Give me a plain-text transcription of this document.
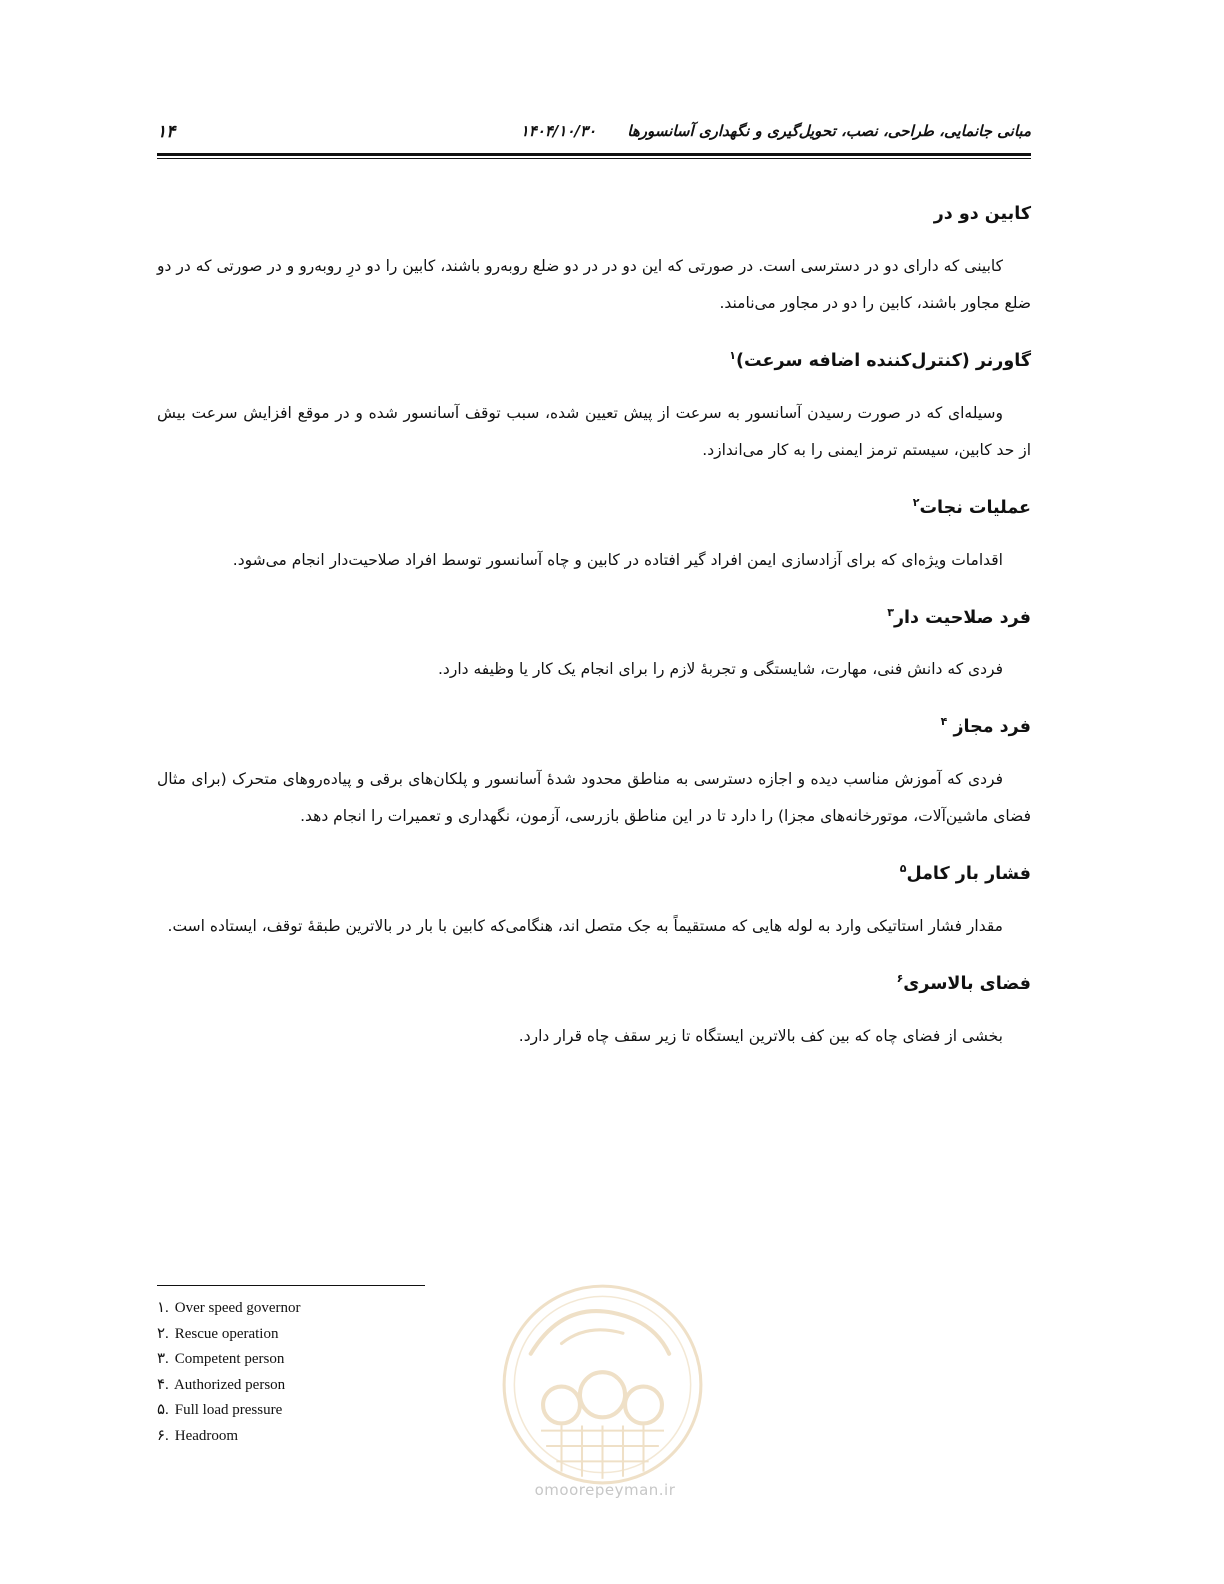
۱۴	مبانی جانمایی، طراحی، نصب، تحویل‌گیری و نگهداری آسانسورها ۱۴۰۴/۱۰/۳۰
کابین دو در

کابینی که دارای دو در دسترسی است. در صورتی که این دو در در دو ضلع روبه‌رو باشند، کابین را دو درِ روبه‌رو و در صورتی که در دو ضلع مجاور باشند، کابین را دو در مجاور می‌نامند.

گاورنر (کنترل‌کننده اضافه سرعت)$^۱$

وسیله‌ای که در صورت رسیدن آسانسور به سرعت از پیش تعیین شده، سبب توقف آسانسور شده و در موقع افزایش سرعت بیش از حد کابین، سیستم ترمز ایمنی را به کار می‌اندازد.

عملیات نجات$^۲$

اقدامات ویژه‌ای که برای آزادسازی ایمن افراد گیر افتاده در کابین و چاه آسانسور توسط افراد صلاحیت‌دار انجام می‌شود.

فرد صلاحیت دار$^۳$

فردی که دانش فنی، مهارت، شایستگی و تجربهٔ لازم را برای انجام یک کار یا وظیفه دارد.

فرد مجاز $^۴$

فردی که آموزش مناسب دیده و اجازه دسترسی به مناطق محدود شدهٔ آسانسور و پلکان‌های برقی و پیاده‌روهای متحرک (برای مثال فضای ماشین‌آلات، موتورخانه‌های مجزا) را دارد تا در این مناطق بازرسی، آزمون، نگهداری و تعمیرات را انجام دهد.

فشار بار کامل$^۵$

مقدار فشار استاتیکی وارد به لوله هایی که مستقیماً به جک متصل اند، هنگامی‌که کابین با بار در بالاترین طبقهٔ توقف، ایستاده است.

فضای بالاسری$^۶$

بخشی از فضای چاه که بین کف بالاترین ایستگاه تا زیر سقف چاه قرار دارد.

۱. Over speed governor
۲. Rescue operation
۳. Competent person
۴. Authorized person
۵. Full load pressure
۶. Headroom
omoorepeyman.ir
